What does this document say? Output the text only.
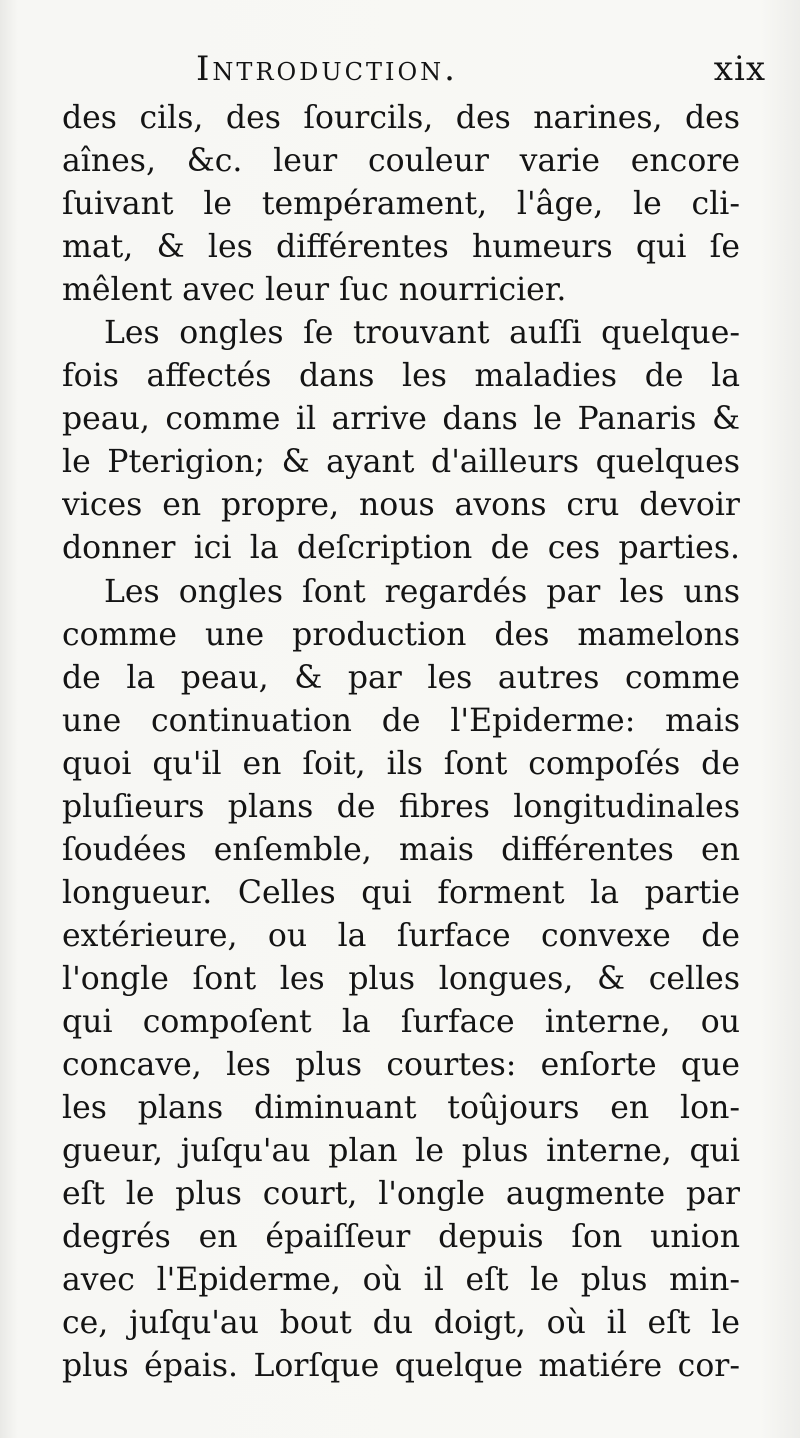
Introduction.	xix
des cils, des ſourcils, des narines, des
aînes, &c. leur couleur varie encore
ſuivant le tempérament, l'âge, le cli-
mat, & les différentes humeurs qui ſe
mêlent avec leur ſuc nourricier.
Les ongles ſe trouvant auſſi quelque-
fois affectés dans les maladies de la
peau, comme il arrive dans le Panaris &
le Pterigion; & ayant d'ailleurs quelques
vices en propre, nous avons cru devoir
donner ici la deſcription de ces parties.
Les ongles ſont regardés par les uns
comme une production des mamelons
de la peau, & par les autres comme
une continuation de l'Epiderme: mais
quoi qu'il en ſoit, ils ſont compoſés de
pluſieurs plans de fibres longitudinales
ſoudées enſemble, mais différentes en
longueur. Celles qui forment la partie
extérieure, ou la ſurface convexe de
l'ongle ſont les plus longues, & celles
qui compoſent la ſurface interne, ou
concave, les plus courtes: enſorte que
les plans diminuant toûjours en lon-
gueur, juſqu'au plan le plus interne, qui
eſt le plus court, l'ongle augmente par
degrés en épaiſſeur depuis ſon union
avec l'Epiderme, où il eſt le plus min-
ce, juſqu'au bout du doigt, où il eſt le
plus épais. Lorſque quelque matiére cor-
